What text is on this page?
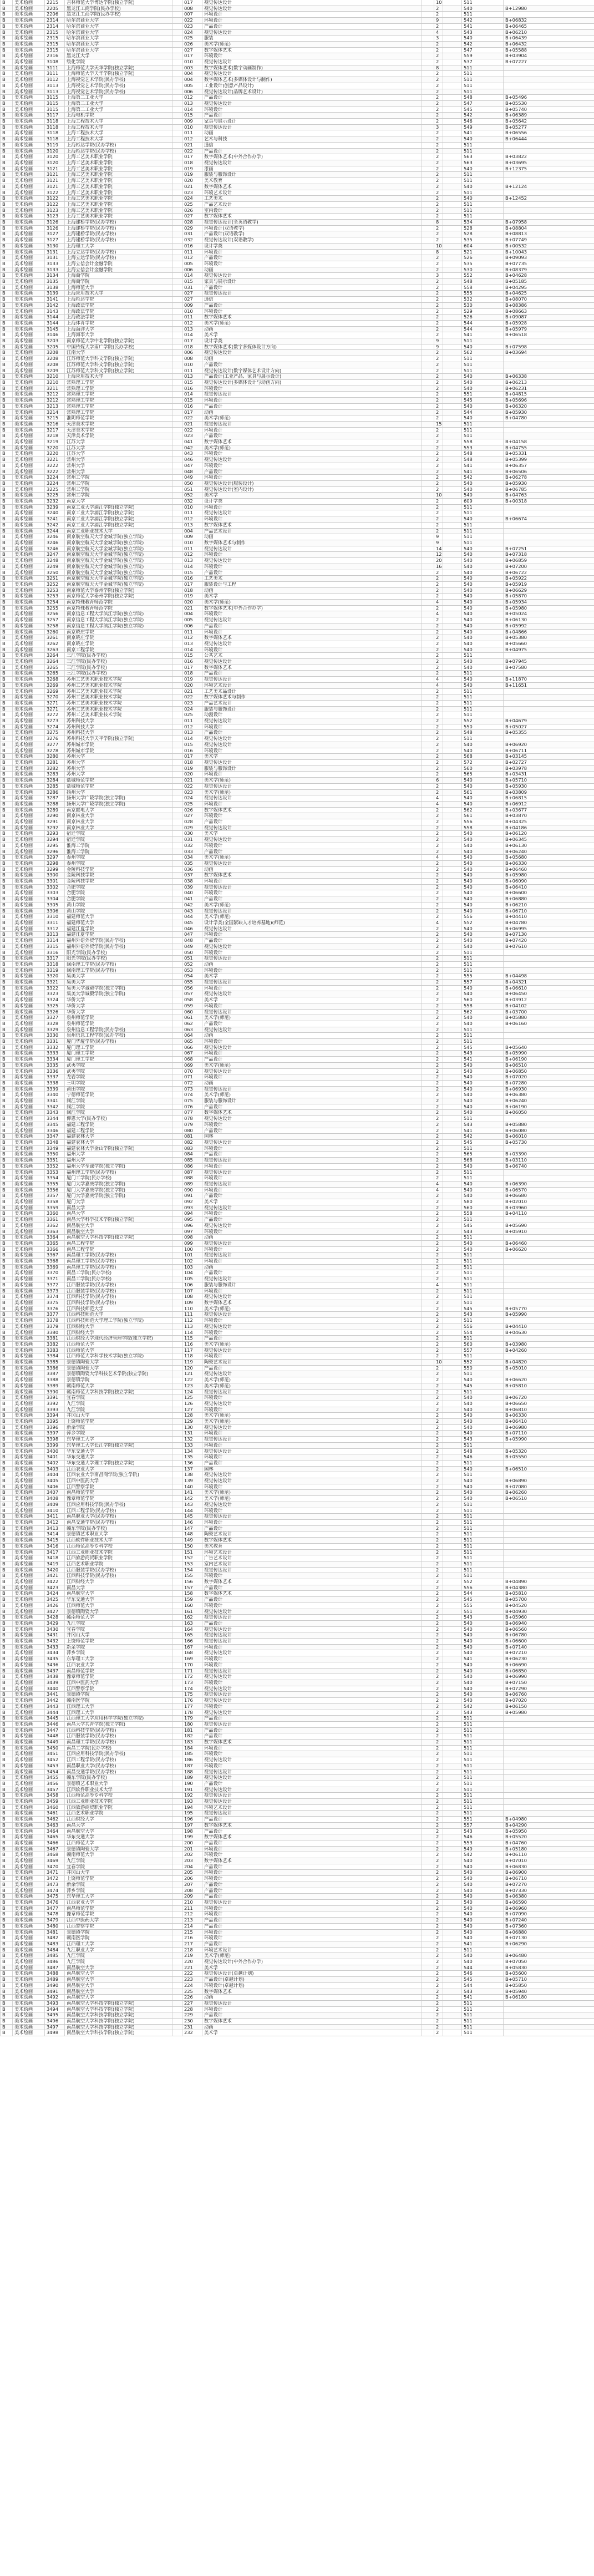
B	美术绘画	2215	吉林师范大学博达学院(独立学院)		017	视觉传达设计		10		511	
B	美术绘画	2205	黑龙江工商学院(民办学校)		008	视觉传达设计		2		540	B+12980
B	美术绘画	2206	黑龙江工商学院(民办学校)		007	环境设计		2		511	
B	美术绘画	2314	哈尔滨商业大学		022	环境设计		9		542	B+06832
B	美术绘画	2314	哈尔滨商业大学		023	产品设计		2		541	B+06465
B	美术绘画	2315	哈尔滨商业大学		024	视觉传达设计		4		543	B+06210
B	美术绘画	2315	哈尔滨商业大学		025	服装		3		540	B+06439
B	美术绘画	2315	哈尔滨商业大学		026	美术学(师范)		2		542	B+06432
B	美术绘画	2315	哈尔滨商业大学		027	数字媒体艺术		2		547	B+05588
B	美术绘画	2316	黑龙江大学		017	环境设计		2		559	B+03904
B	美术绘画	3108	绥化学院		010	视觉传达设计		2		537	B+07227
B	美术绘画	3111	上海师范大学天华学院(独立学院)		003	数字媒体艺术(数字动画制作)		8		511	
B	美术绘画	3111	上海师范大学天华学院(独立学院)		004	视觉传达设计		2		511	
B	美术绘画	3112	上海视觉艺术学院(民办学校)		004	数字媒体艺术(多媒体设计与制作)		2		511	
B	美术绘画	3113	上海视觉艺术学院(民办学校)		005	工业设计(创意产品设计)		2		511	
B	美术绘画	3113	上海视觉艺术学院(民办学校)		006	视觉传达设计(品牌艺术设计)		2		511	
B	美术绘画	3115	上海第二工业大学		012	产品设计		2		548	B+05496
B	美术绘画	3115	上海第二工业大学		013	视觉传达设计		2		547	B+05530
B	美术绘画	3115	上海第二工业大学		014	环境设计		2		545	B+05740
B	美术绘画	3117	上海电机学院		015	产品设计		2		542	B+06389
B	美术绘画	3118	上海工程技术大学		009	家具与展示设计		2		546	B+05642
B	美术绘画	3118	上海工程技术大学		010	视觉传达设计		3		549	B+05277
B	美术绘画	3118	上海工程技术大学		011	动画		2		541	B+06556
B	美术绘画	3118	上海工程技术大学		012	艺术与科技		2		540	B+06444
B	美术绘画	3119	上海杉达学院(民办学校)		021	通信		2		511	
B	美术绘画	3120	上海杉达学院(民办学校)		022	产品设计		2		511	
B	美术绘画	3120	上海工艺美术职业学院		017	数字媒体艺术(中外合作办学)		2		563	B+03822
B	美术绘画	3120	上海工艺美术职业学院		018	视觉传达设计		2		563	B+03695
B	美术绘画	3121	上海工艺美术职业学院		019	漆画		2		540	B+12375
B	美术绘画	3121	上海工艺美术职业学院		019	服装与服饰设计		2		511	
B	美术绘画	3121	上海工艺美术职业学院		020	美术教育		2		511	
B	美术绘画	3121	上海工艺美术职业学院		021	数字媒体艺术		2		540	B+12124
B	美术绘画	3122	上海工艺美术职业学院		023	环境艺术设计		2		511	
B	美术绘画	3122	上海工艺美术职业学院		024	工艺美术		2		540	B+12452
B	美术绘画	3122	上海工艺美术职业学院		025	产品艺术设计		2		511	
B	美术绘画	3123	上海工艺美术职业学院		026	室内设计		2		511	
B	美术绘画	3123	上海工艺美术职业学院		027	数字媒体艺术		2		511	
B	美术绘画	3126	上海建桥学院(民办学校)		028	视觉传达设计(全英语教学)		8		534	B+07958
B	美术绘画	3126	上海建桥学院(民办学校)		029	环境设计(双语教学)		2		528	B+08804
B	美术绘画	3127	上海建桥学院(民办学校)		031	产品设计(双语教学)		2		528	B+08813
B	美术绘画	3127	上海建桥学院(民办学校)		032	视觉传达设计(双语教学)		2		535	B+07749
B	美术绘画	3130	上海理工大学		016	设计学类		10		604	B+00532
B	美术绘画	3131	上海立达学院(民办学校)		011	环境设计		8		521	B+10043
B	美术绘画	3131	上海立达学院(民办学校)		012	产品设计		2		526	B+09093
B	美术绘画	3133	上海立信会计金融学院		005	环境设计		2		535	B+07735
B	美术绘画	3133	上海立信会计金融学院		006	动画		2		530	B+08379
B	美术绘画	3134	上海商学院		014	视觉传达设计		3		552	B+04628
B	美术绘画	3135	上海商学院		015	家具与展示设计		2		548	B+05185
B	美术绘画	3138	上海师范大学		031	产品设计		2		558	B+04295
B	美术绘画	3139	上海应用技术大学		027	视觉传达设计		2		555	B+04625
B	美术绘画	3141	上海杉达学院		027	通信		2		532	B+08070
B	美术绘画	3142	上海政法学院		009	产品设计		2		530	B+08386
B	美术绘画	3143	上海政法学院		010	环境设计		2		529	B+08663
B	美术绘画	3144	上海政法学院		011	数字媒体艺术		2		526	B+09087
B	美术绘画	3144	上海体育学院		012	美术学(师范)		2		544	B+05928
B	美术绘画	3145	上海海洋大学		013	动画		2		544	B+05979
B	美术绘画	3146	上海海事大学		014	美术学		2		541	B+06518
B	美术绘画	3203	南京师范大学中北学院(独立学院)		017	设计学类		9		511	
B	美术绘画	3205	中国传媒大学南广学院(民办学校)		018	数字媒体艺术(数字多媒体设计方向)		9		540	B+07598
B	美术绘画	3208	江南大学		006	视觉传达设计		2		562	B+03694
B	美术绘画	3208	江苏师范大学科文学院(独立学院)		008	动画		2		511	
B	美术绘画	3208	江苏师范大学科文学院(独立学院)		010	产品设计		2		511	
B	美术绘画	3209	江苏师范大学科文学院(独立学院)		011	视觉传达设计(数字媒体艺术设计方向)		2		511	
B	美术绘画	3210	上海应用技术大学		013	产品设计(工业产品、家具与展示设计)		2		540	B+06338
B	美术绘画	3210	常熟理工学院		015	视觉传达设计(多媒体设计与动画方向)		2		540	B+06213
B	美术绘画	3211	常熟理工学院		016	环境设计		2		540	B+06231
B	美术绘画	3212	常熟理工学院		014	视觉传达设计		2		551	B+04815
B	美术绘画	3212	常熟理工学院		015	环境设计		2		545	B+05696
B	美术绘画	3213	常熟理工学院		016	产品设计		2		540	B+06320
B	美术绘画	3214	常熟理工学院		017	动画		2		544	B+05930
B	美术绘画	3215	淮阴师范学院		022	美术学(师范)		2		540	B+04780
B	美术绘画	3216	天津美术学院		021	视觉传达设计		15		511	
B	美术绘画	3217	天津美术学院		022	环境设计		2		511	
B	美术绘画	3218	天津美术学院		023	产品设计		2		511	
B	美术绘画	3219	江苏大学		041	数字媒体艺术		2		558	B+04158
B	美术绘画	3220	江苏大学		042	美术学(师范)		2		553	B+04755
B	美术绘画	3220	江苏大学		043	环境设计		2		548	B+05331
B	美术绘画	3221	常州大学		046	视觉传达设计		2		548	B+05399
B	美术绘画	3222	常州大学		047	环境设计		2		541	B+06357
B	美术绘画	3222	常州大学		048	产品设计		2		541	B+06506
B	美术绘画	3224	常州工学院		049	环境设计		2		542	B+06278
B	美术绘画	3224	常州工学院		050	视觉传达设计(服装设计)		2		540	B+05930
B	美术绘画	3225	常州工学院		051	视觉传达设计(室内设计)		2		540	B+06785
B	美术绘画	3225	常州工学院		052	美术学		10		540	B+04763
B	美术绘画	3232	南京大学		032	设计学类		2		609	B+00318
B	美术绘画	3239	南京工业大学浦江学院(独立学院)		010	环境设计		2		511	
B	美术绘画	3240	南京工业大学浦江学院(独立学院)		011	视觉传达设计		2		511	
B	美术绘画	3241	南京工业大学浦江学院(独立学院)		012	环境设计		2		540	B+06674
B	美术绘画	3242	南京工业大学浦江学院(独立学院)		013	数字媒体艺术		2		511	
B	美术绘画	3244	南京工业职业技术大学		004	产品艺术设计		2		511	
B	美术绘画	3246	南京航空航天大学金城学院(独立学院)		009	动画		9		511	
B	美术绘画	3246	南京航空航天大学金城学院(独立学院)		010	数字媒体艺术与制作		9		511	
B	美术绘画	3246	南京航空航天大学金城学院(独立学院)		011	视觉传达设计		14		540	B+07251
B	美术绘画	3247	南京航空航天大学金城学院(独立学院)		012	环境设计		12		540	B+07318
B	美术绘画	3248	南京航空航天大学金城学院(独立学院)		013	视觉传达设计		20		540	B+06859
B	美术绘画	3249	南京航空航天大学金城学院(独立学院)		014	环境设计		16		540	B+07200
B	美术绘画	3250	南京航空航天大学金城学院(独立学院)		015	产品设计		2		540	B+06722
B	美术绘画	3251	南京航空航天大学金城学院(独立学院)		016	工艺美术		2		540	B+05922
B	美术绘画	3252	南京航空航天大学金城学院(独立学院)		017	服装设计与工程		2		540	B+05919
B	美术绘画	3253	南京师范大学泰州学院(独立学院)		018	动画		2		540	B+06629
B	美术绘画	3253	南京师范大学泰州学院(独立学院)		019	美术学		2		540	B+05870
B	美术绘画	3254	南京特殊教育师范学院		020	美术学(师范)		4		540	B+05934
B	美术绘画	3255	南京特殊教育师范学院		021	数字媒体艺术(中外合作办学)		2		540	B+05980
B	美术绘画	3256	南京信息工程大学滨江学院(独立学院)		004	环境设计		4		540	B+05024
B	美术绘画	3257	南京信息工程大学滨江学院(独立学院)		005	视觉传达设计		2		540	B+06130
B	美术绘画	3258	南京信息工程大学滨江学院(独立学院)		006	产品设计		2		540	B+05992
B	美术绘画	3260	南京晓庄学院		011	环境设计		2		540	B+04866
B	美术绘画	3261	南京晓庄学院		012	数字媒体艺术		2		540	B+05380
B	美术绘画	3262	南京晓庄学院		013	视觉传达设计		2		540	B+05660
B	美术绘画	3263	南京工程学院		014	环境设计		2		540	B+04975
B	美术绘画	3264	三江学院(民办学校)		015	公共艺术		2		511	
B	美术绘画	3264	三江学院(民办学校)		016	视觉传达设计		2		540	B+07945
B	美术绘画	3265	三江学院(民办学校)		017	数字媒体艺术		2		540	B+07580
B	美术绘画	3265	三江学院(民办学校)		018	产品设计		2		511	
B	美术绘画	3268	苏州工艺美术职业技术学院		019	视觉传达设计		4		540	B+11870
B	美术绘画	3269	苏州工艺美术职业技术学院		020	环境艺术设计		4		540	B+11651
B	美术绘画	3269	苏州工艺美术职业技术学院		021	工艺美术品设计		2		511	
B	美术绘画	3270	苏州工艺美术职业技术学院		022	数字媒体艺术与制作		2		511	
B	美术绘画	3271	苏州工艺美术职业技术学院		023	产品艺术设计		2		511	
B	美术绘画	3271	苏州工艺美术职业技术学院		024	服装与服饰设计		2		511	
B	美术绘画	3272	苏州工艺美术职业技术学院		025	动漫设计		2		511	
B	美术绘画	3273	苏州科技大学		011	视觉传达设计		2		552	B+04679
B	美术绘画	3274	苏州科技大学		012	环境设计		2		550	B+05027
B	美术绘画	3275	苏州科技大学		013	产品设计		2		548	B+05355
B	美术绘画	3276	苏州科技大学天平学院(独立学院)		014	视觉传达设计		2		511	
B	美术绘画	3277	苏州城市学院		015	视觉传达设计		2		540	B+06920
B	美术绘画	3278	苏州城市学院		016	环境设计		2		540	B+06711
B	美术绘画	3280	苏州大学		017	美术学		2		568	B+03145
B	美术绘画	3281	苏州大学		018	视觉传达设计		2		572	B+02727
B	美术绘画	3282	苏州大学		019	服装与服饰设计		2		560	B+03978
B	美术绘画	3283	苏州大学		020	环境设计		2		565	B+03431
B	美术绘画	3284	盐城师范学院		021	美术学(师范)		6		540	B+05710
B	美术绘画	3285	盐城师范学院		022	视觉传达设计		2		540	B+05930
B	美术绘画	3286	扬州大学		023	美术学(师范)		2		561	B+03809
B	美术绘画	3287	扬州大学广陵学院(独立学院)		024	视觉传达设计		4		540	B+06815
B	美术绘画	3288	扬州大学广陵学院(独立学院)		025	环境设计		4		540	B+06912
B	美术绘画	3289	南京邮电大学		026	数字媒体艺术		2		562	B+03677
B	美术绘画	3290	南京林业大学		027	环境设计		2		561	B+03870
B	美术绘画	3291	南京林业大学		028	产品设计		2		556	B+04325
B	美术绘画	3292	南京林业大学		029	视觉传达设计		2		558	B+04186
B	美术绘画	3293	宿迁学院		030	美术学		2		540	B+06120
B	美术绘画	3294	宿迁学院		031	视觉传达设计		2		540	B+06345
B	美术绘画	3295	淮海工学院		032	环境设计		2		540	B+06130
B	美术绘画	3296	淮海工学院		033	产品设计		2		540	B+06240
B	美术绘画	3297	泰州学院		034	美术学(师范)		4		540	B+05680
B	美术绘画	3298	泰州学院		035	视觉传达设计		2		540	B+06330
B	美术绘画	3299	金陵科技学院		036	动画		2		540	B+06460
B	美术绘画	3300	金陵科技学院		037	数字媒体艺术		2		540	B+05980
B	美术绘画	3301	金陵科技学院		038	环境设计		2		540	B+06090
B	美术绘画	3302	合肥学院		039	视觉传达设计		2		540	B+06410
B	美术绘画	3303	合肥学院		040	环境设计		2		540	B+06600
B	美术绘画	3304	合肥学院		041	产品设计		2		540	B+06880
B	美术绘画	3305	黄山学院		042	美术学(师范)		2		540	B+06210
B	美术绘画	3306	黄山学院		043	视觉传达设计		2		540	B+06710
B	美术绘画	3310	福建师范大学		044	美术学(师范)		2		556	B+04410
B	美术绘画	3311	福建师范大学		045	设计学类(全国紧缺人才培养基地)(师范)		4		552	B+04780
B	美术绘画	3312	福建江夏学院		046	视觉传达设计		2		540	B+06995
B	美术绘画	3313	福建江夏学院		047	环境设计		2		540	B+07130
B	美术绘画	3314	福州外语外贸学院(民办学校)		048	产品设计		2		540	B+07420
B	美术绘画	3315	福州外语外贸学院(民办学校)		049	视觉传达设计		2		540	B+07610
B	美术绘画	3316	阳光学院(民办学校)		050	环境设计		2		511	
B	美术绘画	3317	阳光学院(民办学校)		051	视觉传达设计		2		511	
B	美术绘画	3318	闽南理工学院(民办学校)		052	动画		2		511	
B	美术绘画	3319	闽南理工学院(民办学校)		053	环境设计		2		511	
B	美术绘画	3320	集美大学		054	美术学		2		555	B+04498
B	美术绘画	3321	集美大学		055	视觉传达设计		2		557	B+04321
B	美术绘画	3322	集美大学诚毅学院(独立学院)		056	环境设计		2		540	B+06610
B	美术绘画	3323	集美大学诚毅学院(独立学院)		057	视觉传达设计		2		540	B+06450
B	美术绘画	3324	华侨大学		058	美术学		2		560	B+03912
B	美术绘画	3325	华侨大学		059	环境设计		2		558	B+04102
B	美术绘画	3326	华侨大学		060	视觉传达设计		2		562	B+03700
B	美术绘画	3327	泉州师范学院		061	美术学(师范)		2		540	B+05880
B	美术绘画	3328	泉州师范学院		062	产品设计		2		540	B+06160
B	美术绘画	3329	泉州信息工程学院(民办学校)		063	视觉传达设计		2		511	
B	美术绘画	3330	泉州信息工程学院(民办学校)		064	动画		2		511	
B	美术绘画	3331	厦门华厦学院(民办学校)		065	环境设计		2		511	
B	美术绘画	3332	厦门理工学院		066	视觉传达设计		2		545	B+05640
B	美术绘画	3333	厦门理工学院		067	环境设计		2		543	B+05990
B	美术绘画	3334	厦门理工学院		068	产品设计		2		541	B+06190
B	美术绘画	3335	武夷学院		069	美术学(师范)		2		540	B+06510
B	美术绘画	3336	武夷学院		070	视觉传达设计		2		540	B+06850
B	美术绘画	3337	龙岩学院		071	环境设计		2		540	B+07020
B	美术绘画	3338	三明学院		072	动画		2		540	B+07280
B	美术绘画	3339	莆田学院		073	视觉传达设计		2		540	B+06930
B	美术绘画	3340	宁德师范学院		074	美术学(师范)		2		540	B+06380
B	美术绘画	3341	闽江学院		075	服装与服饰设计		2		540	B+06240
B	美术绘画	3342	闽江学院		076	产品设计		2		540	B+06190
B	美术绘画	3343	闽江学院		077	数字媒体艺术		2		540	B+06050
B	美术绘画	3344	仰恩大学(民办学校)		078	视觉传达设计		2		511	
B	美术绘画	3345	福建工程学院		079	环境设计		2		543	B+05880
B	美术绘画	3346	福建工程学院		080	产品设计		2		541	B+06080
B	美术绘画	3347	福建农林大学		081	园林		2		542	B+06010
B	美术绘画	3348	福建农林大学		082	视觉传达设计		2		545	B+05730
B	美术绘画	3349	福建农林大学金山学院(独立学院)		083	环境设计		2		511	
B	美术绘画	3350	福州大学		084	产品设计		2		565	B+03390
B	美术绘画	3351	福州大学		085	视觉传达设计		2		568	B+03110
B	美术绘画	3352	福州大学至诚学院(独立学院)		086	环境设计		2		540	B+06740
B	美术绘画	3353	福州理工学院(民办学校)		087	视觉传达设计		2		511	
B	美术绘画	3354	厦门工学院(民办学校)		088	环境设计		2		511	
B	美术绘画	3355	厦门大学嘉庚学院(独立学院)		089	视觉传达设计		4		540	B+06390
B	美术绘画	3356	厦门大学嘉庚学院(独立学院)		090	环境设计		4		540	B+06570
B	美术绘画	3357	厦门大学嘉庚学院(独立学院)		091	产品设计		2		540	B+06680
B	美术绘画	3358	厦门大学		092	美术学		2		580	B+02010
B	美术绘画	3359	南昌大学		093	视觉传达设计		2		560	B+03960
B	美术绘画	3360	南昌大学		094	环境设计		2		558	B+04110
B	美术绘画	3361	南昌大学科学技术学院(独立学院)		095	产品设计		2		511	
B	美术绘画	3362	南昌航空大学		096	视觉传达设计		2		545	B+05690
B	美术绘画	3363	南昌航空大学		097	环境设计		2		543	B+05910
B	美术绘画	3364	南昌航空大学科技学院(独立学院)		098	动画		2		511	
B	美术绘画	3365	南昌工程学院		099	视觉传达设计		2		540	B+06460
B	美术绘画	3366	南昌工程学院		100	环境设计		2		540	B+06620
B	美术绘画	3367	南昌理工学院(民办学校)		101	视觉传达设计		2		511	
B	美术绘画	3368	南昌理工学院(民办学校)		102	环境设计		2		511	
B	美术绘画	3369	南昌理工学院(民办学校)		103	动画		2		511	
B	美术绘画	3370	南昌工学院(民办学校)		104	产品设计		2		511	
B	美术绘画	3371	南昌工学院(民办学校)		105	视觉传达设计		2		511	
B	美术绘画	3372	江西服装学院(民办学校)		106	服装与服饰设计		4		511	
B	美术绘画	3373	江西服装学院(民办学校)		107	环境设计		2		511	
B	美术绘画	3374	江西科技学院(民办学校)		108	视觉传达设计		2		511	
B	美术绘画	3375	江西科技学院(民办学校)		109	数字媒体艺术		2		511	
B	美术绘画	3376	江西科技师范大学		110	美术学(师范)		2		545	B+05770
B	美术绘画	3377	江西科技师范大学		111	视觉传达设计		2		543	B+05990
B	美术绘画	3378	江西科技师范大学理工学院(独立学院)		112	环境设计		2		511	
B	美术绘画	3379	江西财经大学		113	视觉传达设计		2		556	B+04410
B	美术绘画	3380	江西财经大学		114	环境设计		2		554	B+04630
B	美术绘画	3381	江西财经大学现代经济管理学院(独立学院)		115	产品设计		2		511	
B	美术绘画	3382	江西师范大学		116	美术学(师范)		2		560	B+03980
B	美术绘画	3383	江西师范大学		117	视觉传达设计		2		557	B+04260
B	美术绘画	3384	江西师范大学科学技术学院(独立学院)		118	环境设计		2		511	
B	美术绘画	3385	景德镇陶瓷大学		119	陶瓷艺术设计		10		552	B+04820
B	美术绘画	3386	景德镇陶瓷大学		120	产品设计		2		550	B+05010
B	美术绘画	3387	景德镇陶瓷大学科技艺术学院(独立学院)		121	视觉传达设计		2		511	
B	美术绘画	3388	景德镇学院		122	美术学(师范)		2		540	B+06620
B	美术绘画	3389	赣南师范大学		123	美术学(师范)		2		545	B+05810
B	美术绘画	3390	赣南师范大学科技学院(独立学院)		124	视觉传达设计		2		511	
B	美术绘画	3391	宜春学院		125	环境设计		2		540	B+06720
B	美术绘画	3392	九江学院		126	视觉传达设计		2		540	B+06650
B	美术绘画	3393	九江学院		127	环境设计		2		540	B+06810
B	美术绘画	3394	井冈山大学		128	美术学(师范)		2		540	B+06330
B	美术绘画	3395	上饶师范学院		129	美术学(师范)		2		540	B+06410
B	美术绘画	3396	新余学院		130	视觉传达设计		2		540	B+06980
B	美术绘画	3397	萍乡学院		131	环境设计		2		540	B+07110
B	美术绘画	3398	东华理工大学		132	视觉传达设计		2		543	B+05990
B	美术绘画	3399	东华理工大学长江学院(独立学院)		133	环境设计		2		511	
B	美术绘画	3400	华东交通大学		134	视觉传达设计		2		548	B+05320
B	美术绘画	3401	华东交通大学		135	环境设计		2		546	B+05550
B	美术绘画	3402	华东交通大学理工学院(独立学院)		136	产品设计		2		511	
B	美术绘画	3403	江西农业大学		137	园林		2		540	B+06510
B	美术绘画	3404	江西农业大学南昌商学院(独立学院)		138	视觉传达设计		2		511	
B	美术绘画	3405	江西中医药大学		139	视觉传达设计		2		540	B+06890
B	美术绘画	3406	江西警察学院		140	环境设计		2		540	B+07080
B	美术绘画	3407	南昌师范学院		141	美术学(师范)		2		540	B+06260
B	美术绘画	3408	豫章师范学院		142	美术学(师范)		2		540	B+06510
B	美术绘画	3409	江西应用科技学院(民办学校)		143	视觉传达设计		2		511	
B	美术绘画	3410	江西工程学院(民办学校)		144	环境设计		2		511	
B	美术绘画	3411	南昌职业大学(民办学校)		145	视觉传达设计		2		511	
B	美术绘画	3412	南昌交通学院(民办学校)		146	环境设计		2		511	
B	美术绘画	3413	赣东学院(民办学校)		147	产品设计		2		511	
B	美术绘画	3414	景德镇艺术职业大学		148	陶瓷艺术设计		2		511	
B	美术绘画	3415	江西软件职业技术大学		149	数字媒体艺术		2		511	
B	美术绘画	3416	江西师范高等专科学校		150	美术教育		2		511	
B	美术绘画	3417	江西工业职业技术学院		151	环境艺术设计		2		511	
B	美术绘画	3418	江西旅游商贸职业学院		152	广告艺术设计		2		511	
B	美术绘画	3419	江西艺术职业学院		153	室内艺术设计		2		511	
B	美术绘画	3420	江西服装学院(民办学校)		154	视觉传达设计		2		511	
B	美术绘画	3421	江西科技学院(民办学校)		155	环境设计		2		511	
B	美术绘画	3422	江西财经大学		156	数字媒体艺术		2		552	B+04890
B	美术绘画	3423	南昌大学		157	产品设计		2		556	B+04380
B	美术绘画	3424	南昌航空大学		158	数字媒体艺术		2		544	B+05810
B	美术绘画	3425	华东交通大学		159	产品设计		2		545	B+05700
B	美术绘画	3426	江西师范大学		160	环境设计		2		555	B+04520
B	美术绘画	3427	景德镇陶瓷大学		161	视觉传达设计		2		551	B+04930
B	美术绘画	3428	赣南师范大学		162	视觉传达设计		2		543	B+05960
B	美术绘画	3429	九江学院		163	产品设计		2		540	B+06940
B	美术绘画	3430	宜春学院		164	视觉传达设计		2		540	B+06560
B	美术绘画	3431	井冈山大学		165	视觉传达设计		2		540	B+06780
B	美术绘画	3432	上饶师范学院		166	视觉传达设计		2		540	B+06600
B	美术绘画	3433	新余学院		167	环境设计		2		540	B+07140
B	美术绘画	3434	萍乡学院		168	视觉传达设计		2		540	B+07210
B	美术绘画	3435	东华理工大学		169	环境设计		2		541	B+06230
B	美术绘画	3436	江西农业大学		170	环境设计		2		540	B+06690
B	美术绘画	3437	南昌师范学院		171	视觉传达设计		2		540	B+06850
B	美术绘画	3438	豫章师范学院		172	视觉传达设计		2		540	B+06990
B	美术绘画	3439	江西中医药大学		173	环境设计		2		540	B+07150
B	美术绘画	3440	江西警察学院		174	视觉传达设计		2		540	B+07290
B	美术绘画	3441	景德镇学院		175	视觉传达设计		2		540	B+06760
B	美术绘画	3442	赣南医学院		176	视觉传达设计		2		540	B+07020
B	美术绘画	3443	江西理工大学		177	环境设计		2		542	B+06150
B	美术绘画	3444	江西理工大学		178	视觉传达设计		2		543	B+05980
B	美术绘画	3445	江西理工大学应用科学学院(独立学院)		179	产品设计		2		511	
B	美术绘画	3446	南昌大学共青学院(独立学院)		180	视觉传达设计		2		511	
B	美术绘画	3447	江西科技学院(民办学校)		181	产品设计		2		511	
B	美术绘画	3448	江西服装学院(民办学校)		182	产品设计		2		511	
B	美术绘画	3449	南昌理工学院(民办学校)		183	数字媒体艺术		2		511	
B	美术绘画	3450	南昌工学院(民办学校)		184	环境设计		2		511	
B	美术绘画	3451	江西应用科技学院(民办学校)		185	环境设计		2		511	
B	美术绘画	3452	江西工程学院(民办学校)		186	视觉传达设计		2		511	
B	美术绘画	3453	南昌职业大学(民办学校)		187	环境设计		2		511	
B	美术绘画	3454	南昌交通学院(民办学校)		188	视觉传达设计		2		511	
B	美术绘画	3455	赣东学院(民办学校)		189	视觉传达设计		2		511	
B	美术绘画	3456	景德镇艺术职业大学		190	产品设计		2		511	
B	美术绘画	3457	江西软件职业技术大学		191	视觉传达设计		2		511	
B	美术绘画	3458	江西师范高等专科学校		192	视觉传达设计		2		511	
B	美术绘画	3459	江西工业职业技术学院		193	视觉传达设计		2		511	
B	美术绘画	3460	江西旅游商贸职业学院		194	环境艺术设计		2		511	
B	美术绘画	3461	江西艺术职业学院		195	视觉传达设计		2		511	
B	美术绘画	3462	江西财经大学		196	产品设计		2		551	B+04980
B	美术绘画	3463	南昌大学		197	数字媒体艺术		2		557	B+04290
B	美术绘画	3464	南昌航空大学		198	产品设计		2		543	B+05950
B	美术绘画	3465	华东交通大学		199	数字媒体艺术		2		546	B+05520
B	美术绘画	3466	江西师范大学		200	产品设计		2		553	B+04760
B	美术绘画	3467	景德镇陶瓷大学		201	环境设计		2		549	B+05180
B	美术绘画	3468	赣南师范大学		202	环境设计		2		542	B+06110
B	美术绘画	3469	九江学院		203	数字媒体艺术		2		540	B+07010
B	美术绘画	3470	宜春学院		204	产品设计		2		540	B+06830
B	美术绘画	3471	井冈山大学		205	环境设计		2		540	B+06900
B	美术绘画	3472	上饶师范学院		206	环境设计		2		540	B+06710
B	美术绘画	3473	新余学院		207	产品设计		2		540	B+07270
B	美术绘画	3474	萍乡学院		208	产品设计		2		540	B+07330
B	美术绘画	3475	东华理工大学		209	产品设计		2		540	B+06380
B	美术绘画	3476	江西农业大学		210	视觉传达设计		2		540	B+06590
B	美术绘画	3477	南昌师范学院		211	环境设计		2		540	B+06960
B	美术绘画	3478	豫章师范学院		212	环境设计		2		540	B+07090
B	美术绘画	3479	江西中医药大学		213	产品设计		2		540	B+07240
B	美术绘画	3480	江西警察学院		214	产品设计		2		540	B+07360
B	美术绘画	3481	景德镇学院		215	环境设计		2		540	B+06880
B	美术绘画	3482	赣南医学院		216	环境设计		2		540	B+07130
B	美术绘画	3483	江西理工大学		217	产品设计		2		541	B+06290
B	美术绘画	3484	九江职业大学		218	环境艺术设计		2		511	
B	美术绘画	3485	九江学院		219	美术学(师范)		2		540	B+06480
B	美术绘画	3486	九江学院		220	视觉传达设计(中外合作办学)		2		540	B+07050
B	美术绘画	3487	南昌航空大学		221	美术学		2		544	B+05830
B	美术绘画	3488	南昌航空大学		222	视觉传达设计(卓越计划)		2		546	B+05600
B	美术绘画	3489	南昌航空大学		223	产品设计(卓越计划)		2		545	B+05710
B	美术绘画	3490	南昌航空大学		224	环境设计(卓越计划)		2		544	B+05850
B	美术绘画	3491	南昌航空大学		225	数字媒体艺术		2		543	B+05940
B	美术绘画	3492	南昌航空大学		226	动画		2		541	B+06180
B	美术绘画	3493	南昌航空大学科技学院(独立学院)		227	视觉传达设计		2		511	
B	美术绘画	3494	南昌航空大学科技学院(独立学院)		228	环境设计		2		511	
B	美术绘画	3495	南昌航空大学科技学院(独立学院)		229	产品设计		2		511	
B	美术绘画	3496	南昌航空大学科技学院(独立学院)		230	数字媒体艺术		2		511	
B	美术绘画	3497	南昌航空大学科技学院(独立学院)		231	动画		2		511	
B	美术绘画	3498	南昌航空大学科技学院(独立学院)		232	美术学		2		511	
